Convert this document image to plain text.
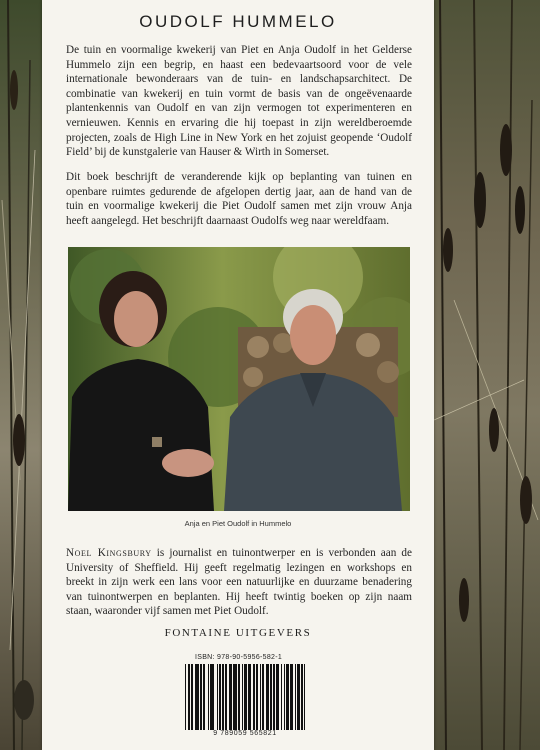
OUDOLF HUMMELO

De tuin en voormalige kwekerij van Piet en Anja Oudolf in het Gelderse Hummelo zijn een begrip, en haast een bedevaartsoord voor de vele internationale bewonderaars van de tuin- en landschapsarchitect. De combinatie van kwekerij en tuin vormt de basis van de ongeëvenaarde plantenkennis van Oudolf en van zijn vermogen tot experimenteren en vernieuwen. Kennis en ervaring die hij toepast in zijn wereldberoemde projecten, zoals de High Line in New York en het zojuist geopende ‘Oudolf Field’ bij de kunstgalerie van Hauser & Wirth in Somerset.

Dit boek beschrijft de veranderende kijk op beplanting van tuinen en openbare ruimtes gedurende de afgelopen dertig jaar, aan de hand van de tuin en voormalige kwekerij die Piet Oudolf samen met zijn vrouw Anja heeft aangelegd. Het beschrijft daarnaast Oudolfs weg naar wereldfaam.

Anja en Piet Oudolf in Hummelo

Noel Kingsbury is journalist en tuinontwerper en is verbonden aan de University of Sheffield. Hij geeft regelmatig lezingen en workshops en breekt in zijn werk een lans voor een natuurlijke en duurzame benadering van tuinontwerpen en beplanten. Hij heeft twintig boeken op zijn naam staan, waaronder vijf samen met Piet Oudolf.

FONTAINE UITGEVERS
ISBN: 978-90-5956-582-1
9 789059 565821
